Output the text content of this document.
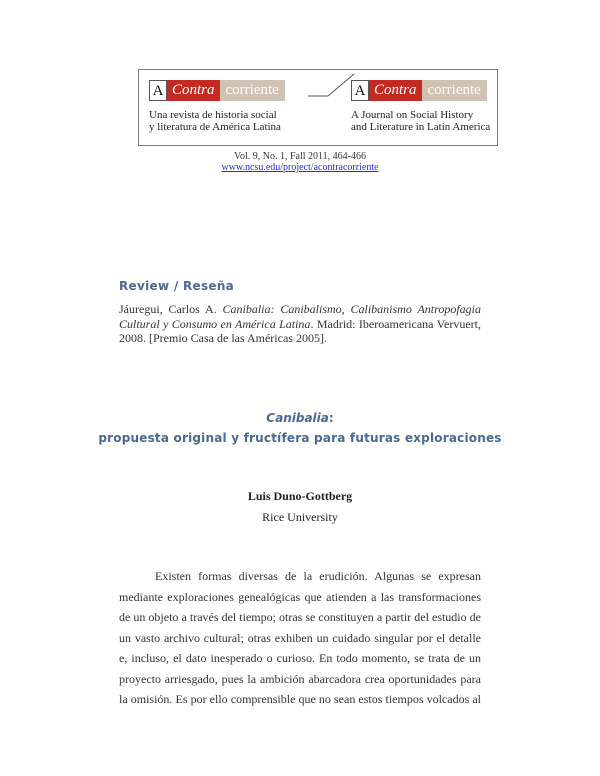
A Contra corriente
Una revista de historia social
y literatura de América Latina
A Contra corriente
A Journal on Social History
and Literature in Latin America
Vol. 9, No. 1, Fall 2011, 464-466
www.ncsu.edu/project/acontracorriente
Review / Reseña

Jáuregui, Carlos A. Canibalia: Canibalismo, Calibanismo Antropofagia Cultural y Consumo en América Latina. Madrid: Iberoamericana Vervuert, 2008. [Premio Casa de las Américas 2005].

Canibalia:
propuesta original y fructífera para futuras exploraciones
Luis Duno-Gottberg
Rice University
Existen formas diversas de la erudición. Algunas se expresan
mediante exploraciones genealógicas que atienden a las transformaciones
de un objeto a través del tiempo; otras se constituyen a partir del estudio de
un vasto archivo cultural; otras exhiben un cuidado singular por el detalle
e, incluso, el dato inesperado o curioso. En todo momento, se trata de un
proyecto arriesgado, pues la ambición abarcadora crea oportunidades para
la omisión. Es por ello comprensible que no sean estos tiempos volcados al
